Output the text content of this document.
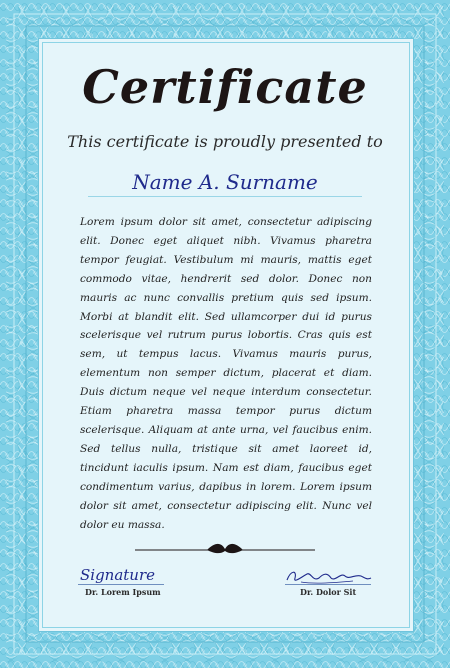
Certificate
This certificate is proudly presented to
Name A. Surname
Lorem ipsum dolor sit amet, consectetur adipiscing elit. Donec eget aliquet nibh. Vivamus pharetra tempor feugiat. Vestibulum mi mauris, mattis eget commodo vitae, hendrerit sed dolor. Donec non mauris ac nunc convallis pretium quis sed ipsum. Morbi at blandit elit. Sed ullamcorper dui id purus scelerisque vel rutrum purus lobortis. Cras quis est sem, ut tempus lacus. Vivamus mauris purus, elementum non semper dictum, placerat et diam. Duis dictum neque vel neque interdum consectetur. Etiam pharetra massa tempor purus dictum scelerisque. Aliquam at ante urna, vel faucibus enim. Sed tellus nulla, tristique sit amet laoreet id, tincidunt iaculis ipsum. Nam est diam, faucibus eget condimentum varius, dapibus in lorem. Lorem ipsum dolor sit amet, consectetur adipiscing elit. Nunc vel dolor eu massa.
Signature
Dr. Lorem Ipsum	Dr. Dolor Sit
